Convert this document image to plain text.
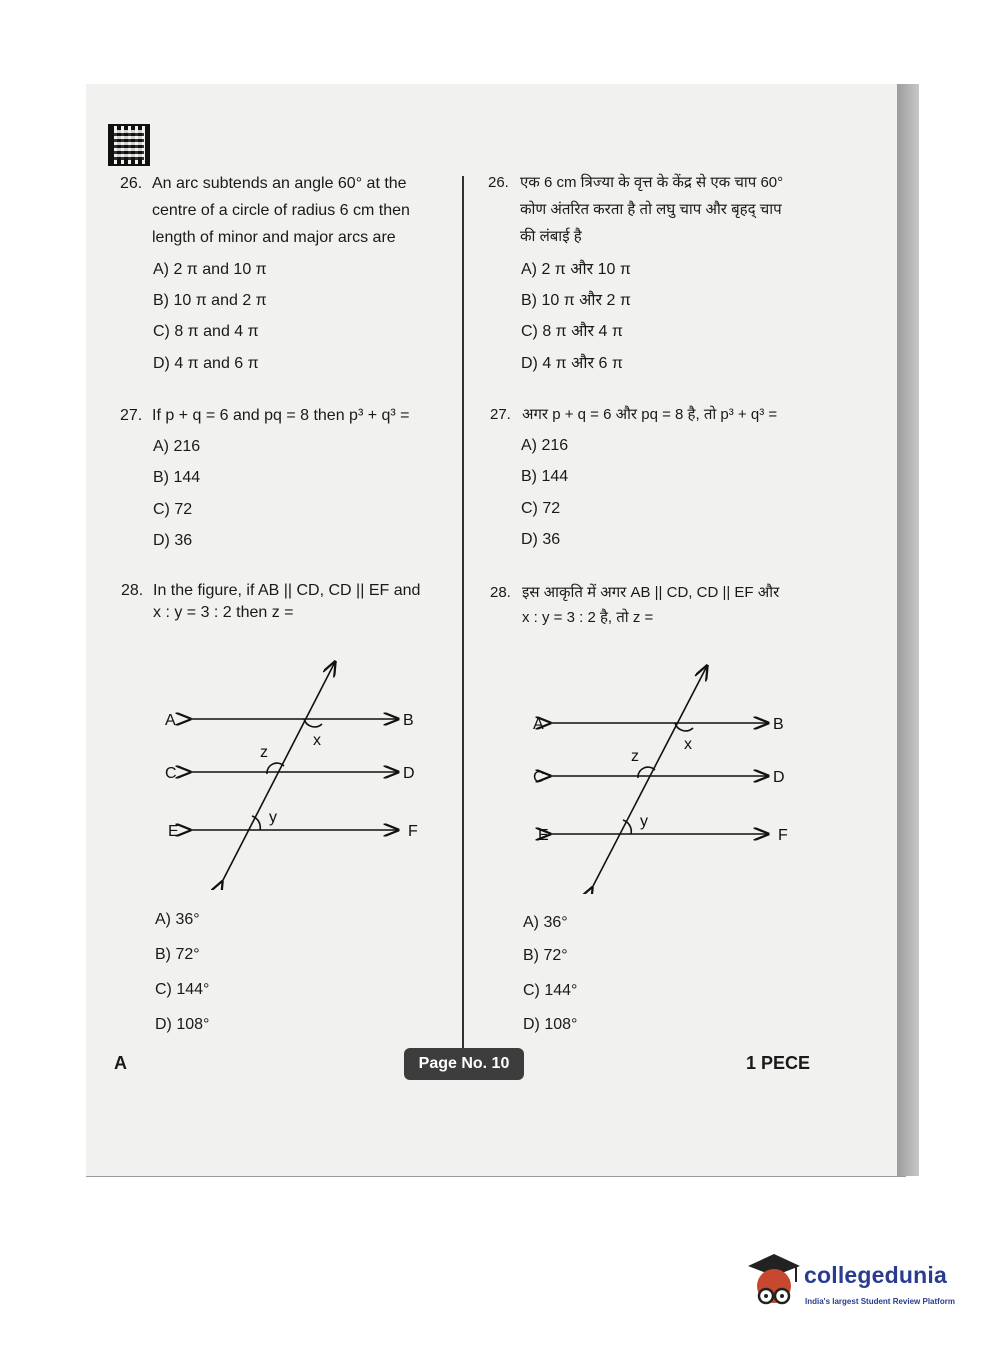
26. An arc subtends an angle 60° at the
centre of a circle of radius 6 cm then
length of minor and major arcs are
A) 2 π and 10 π
B) 10 π and 2 π
C) 8 π and 4 π
D) 4 π and 6 π
26. एक 6 cm त्रिज्या के वृत्त के केंद्र से एक चाप 60°
कोण अंतरित करता है तो लघु चाप और बृहद् चाप
की लंबाई है
A) 2 π और 10 π
B) 10 π और 2 π
C) 8 π और 4 π
D) 4 π और 6 π
27. If p + q = 6 and pq = 8 then p³ + q³ =
A) 216
B) 144
C) 72
D) 36
27. अगर p + q = 6 और pq = 8 है, तो p³ + q³ =
A) 216
B) 144
C) 72
D) 36
28. In the figure, if AB || CD, CD || EF and
x : y = 3 : 2 then z =
A	B
C	D
E	F
x
z
y
A) 36°
B) 72°
C) 144°
D) 108°
28. इस आकृति में अगर AB || CD, CD || EF और
x : y = 3 : 2 है, तो z =
A	B
C	D
E	F
x
z
y
A) 36°
B) 72°
C) 144°
D) 108°
A	Page No. 10	1 PECE
collegedunia
India's largest Student Review Platform
